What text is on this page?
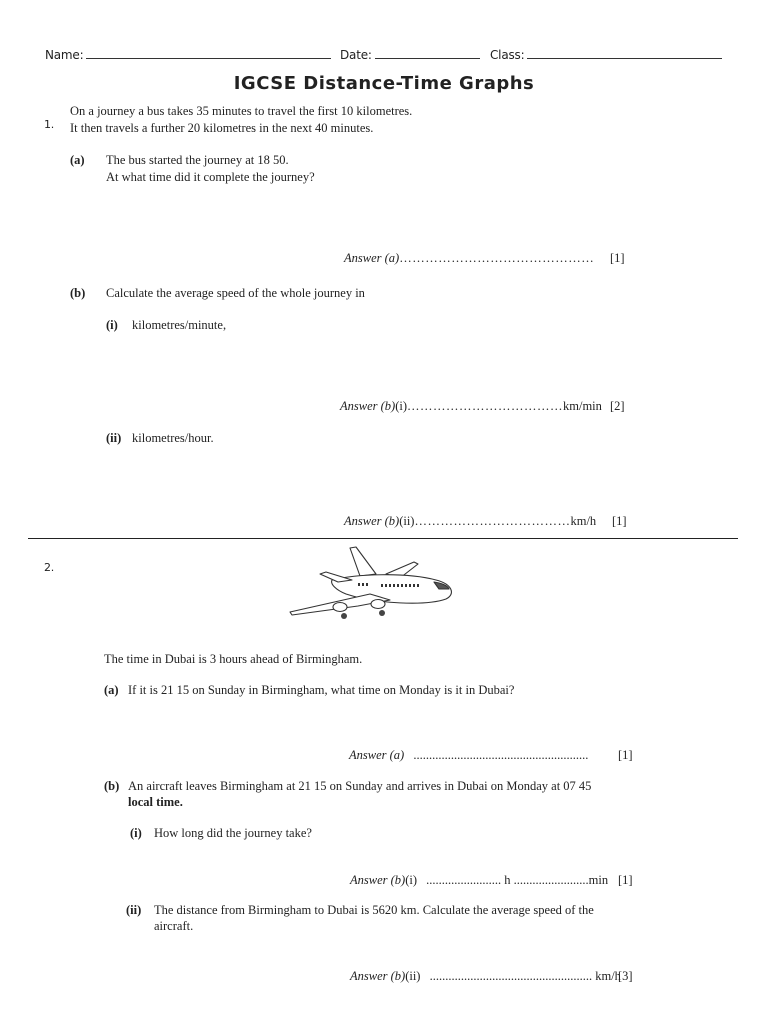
Name:	Date:	Class:
IGCSE Distance-Time Graphs
1.
On a journey a bus takes 35 minutes to travel the first 10 kilometres.
It then travels a further 20 kilometres in the next 40 minutes.
(a) The bus started the journey at 18 50.
At what time did it complete the journey?
Answer (a)……………………………………… [1]
(b) Calculate the average speed of the whole journey in
(i) kilometres/minute,
Answer (b)(i)………………………………km/min [2]
(ii) kilometres/hour.
Answer (b)(ii)………………………………km/h [1]
2.
The time in Dubai is 3 hours ahead of Birmingham.
(a) If it is 21 15 on Sunday in Birmingham, what time on Monday is it in Dubai?
Answer (a) ........................................................ [1]
(b) An aircraft leaves Birmingham at 21 15 on Sunday and arrives in Dubai on Monday at 07 45
local time.
(i) How long did the journey take?
Answer (b)(i) ........................ h ........................min [1]
(ii) The distance from Birmingham to Dubai is 5620 km. Calculate the average speed of the
aircraft.
Answer (b)(ii) .................................................... km/h
[3]
